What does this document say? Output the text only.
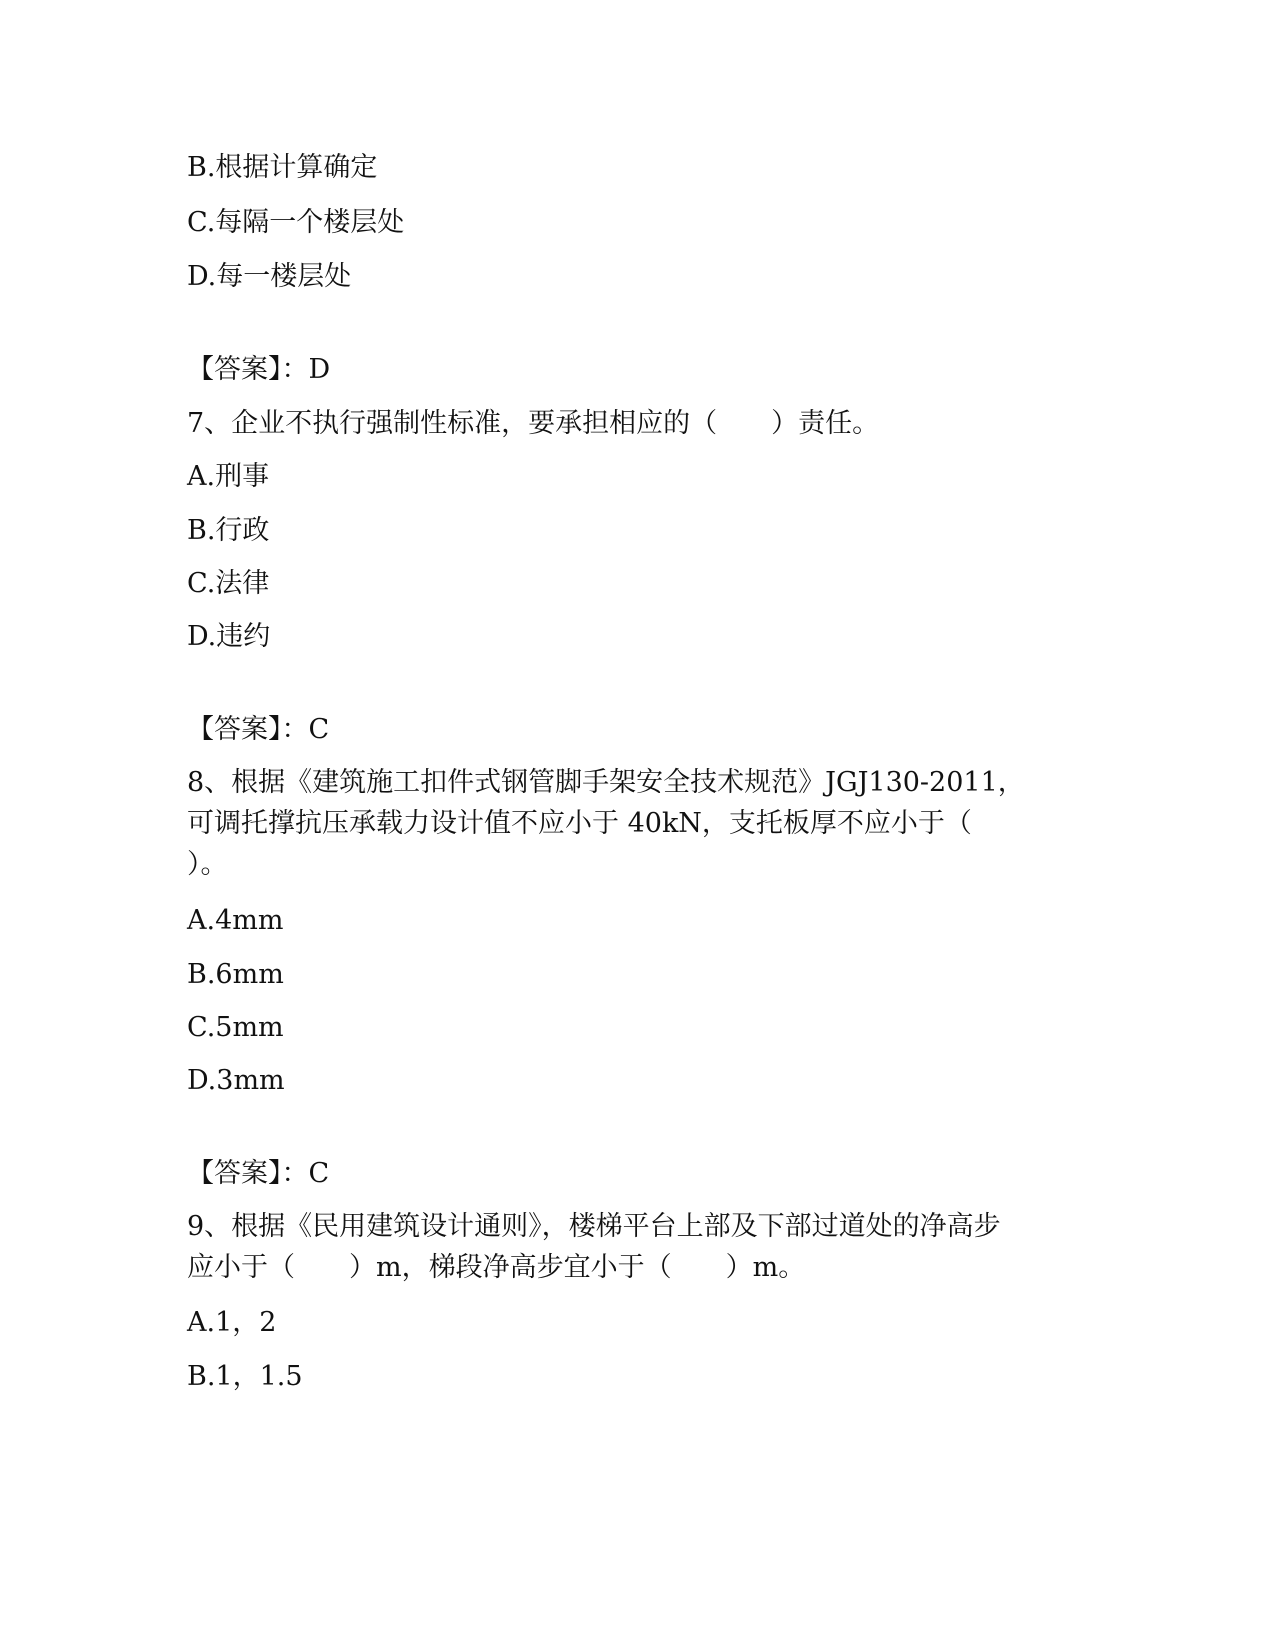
B.根据计算确定
C.每隔一个楼层处
D.每一楼层处
【答案】：D
7、企业不执行强制性标准，要承担相应的（　　）责任。
A.刑事
B.行政
C.法律
D.违约
【答案】：C
8、根据《建筑施工扣件式钢管脚手架安全技术规范》JGJ130-2011，
可调托撑抗压承载力设计值不应小于 40kN，支托板厚不应小于（
）。
A.4mm
B.6mm
C.5mm
D.3mm
【答案】：C
9、根据《民用建筑设计通则》，楼梯平台上部及下部过道处的净高步
应小于（　　）m，梯段净高步宜小于（　　）m。
A.1，2
B.1，1.5
